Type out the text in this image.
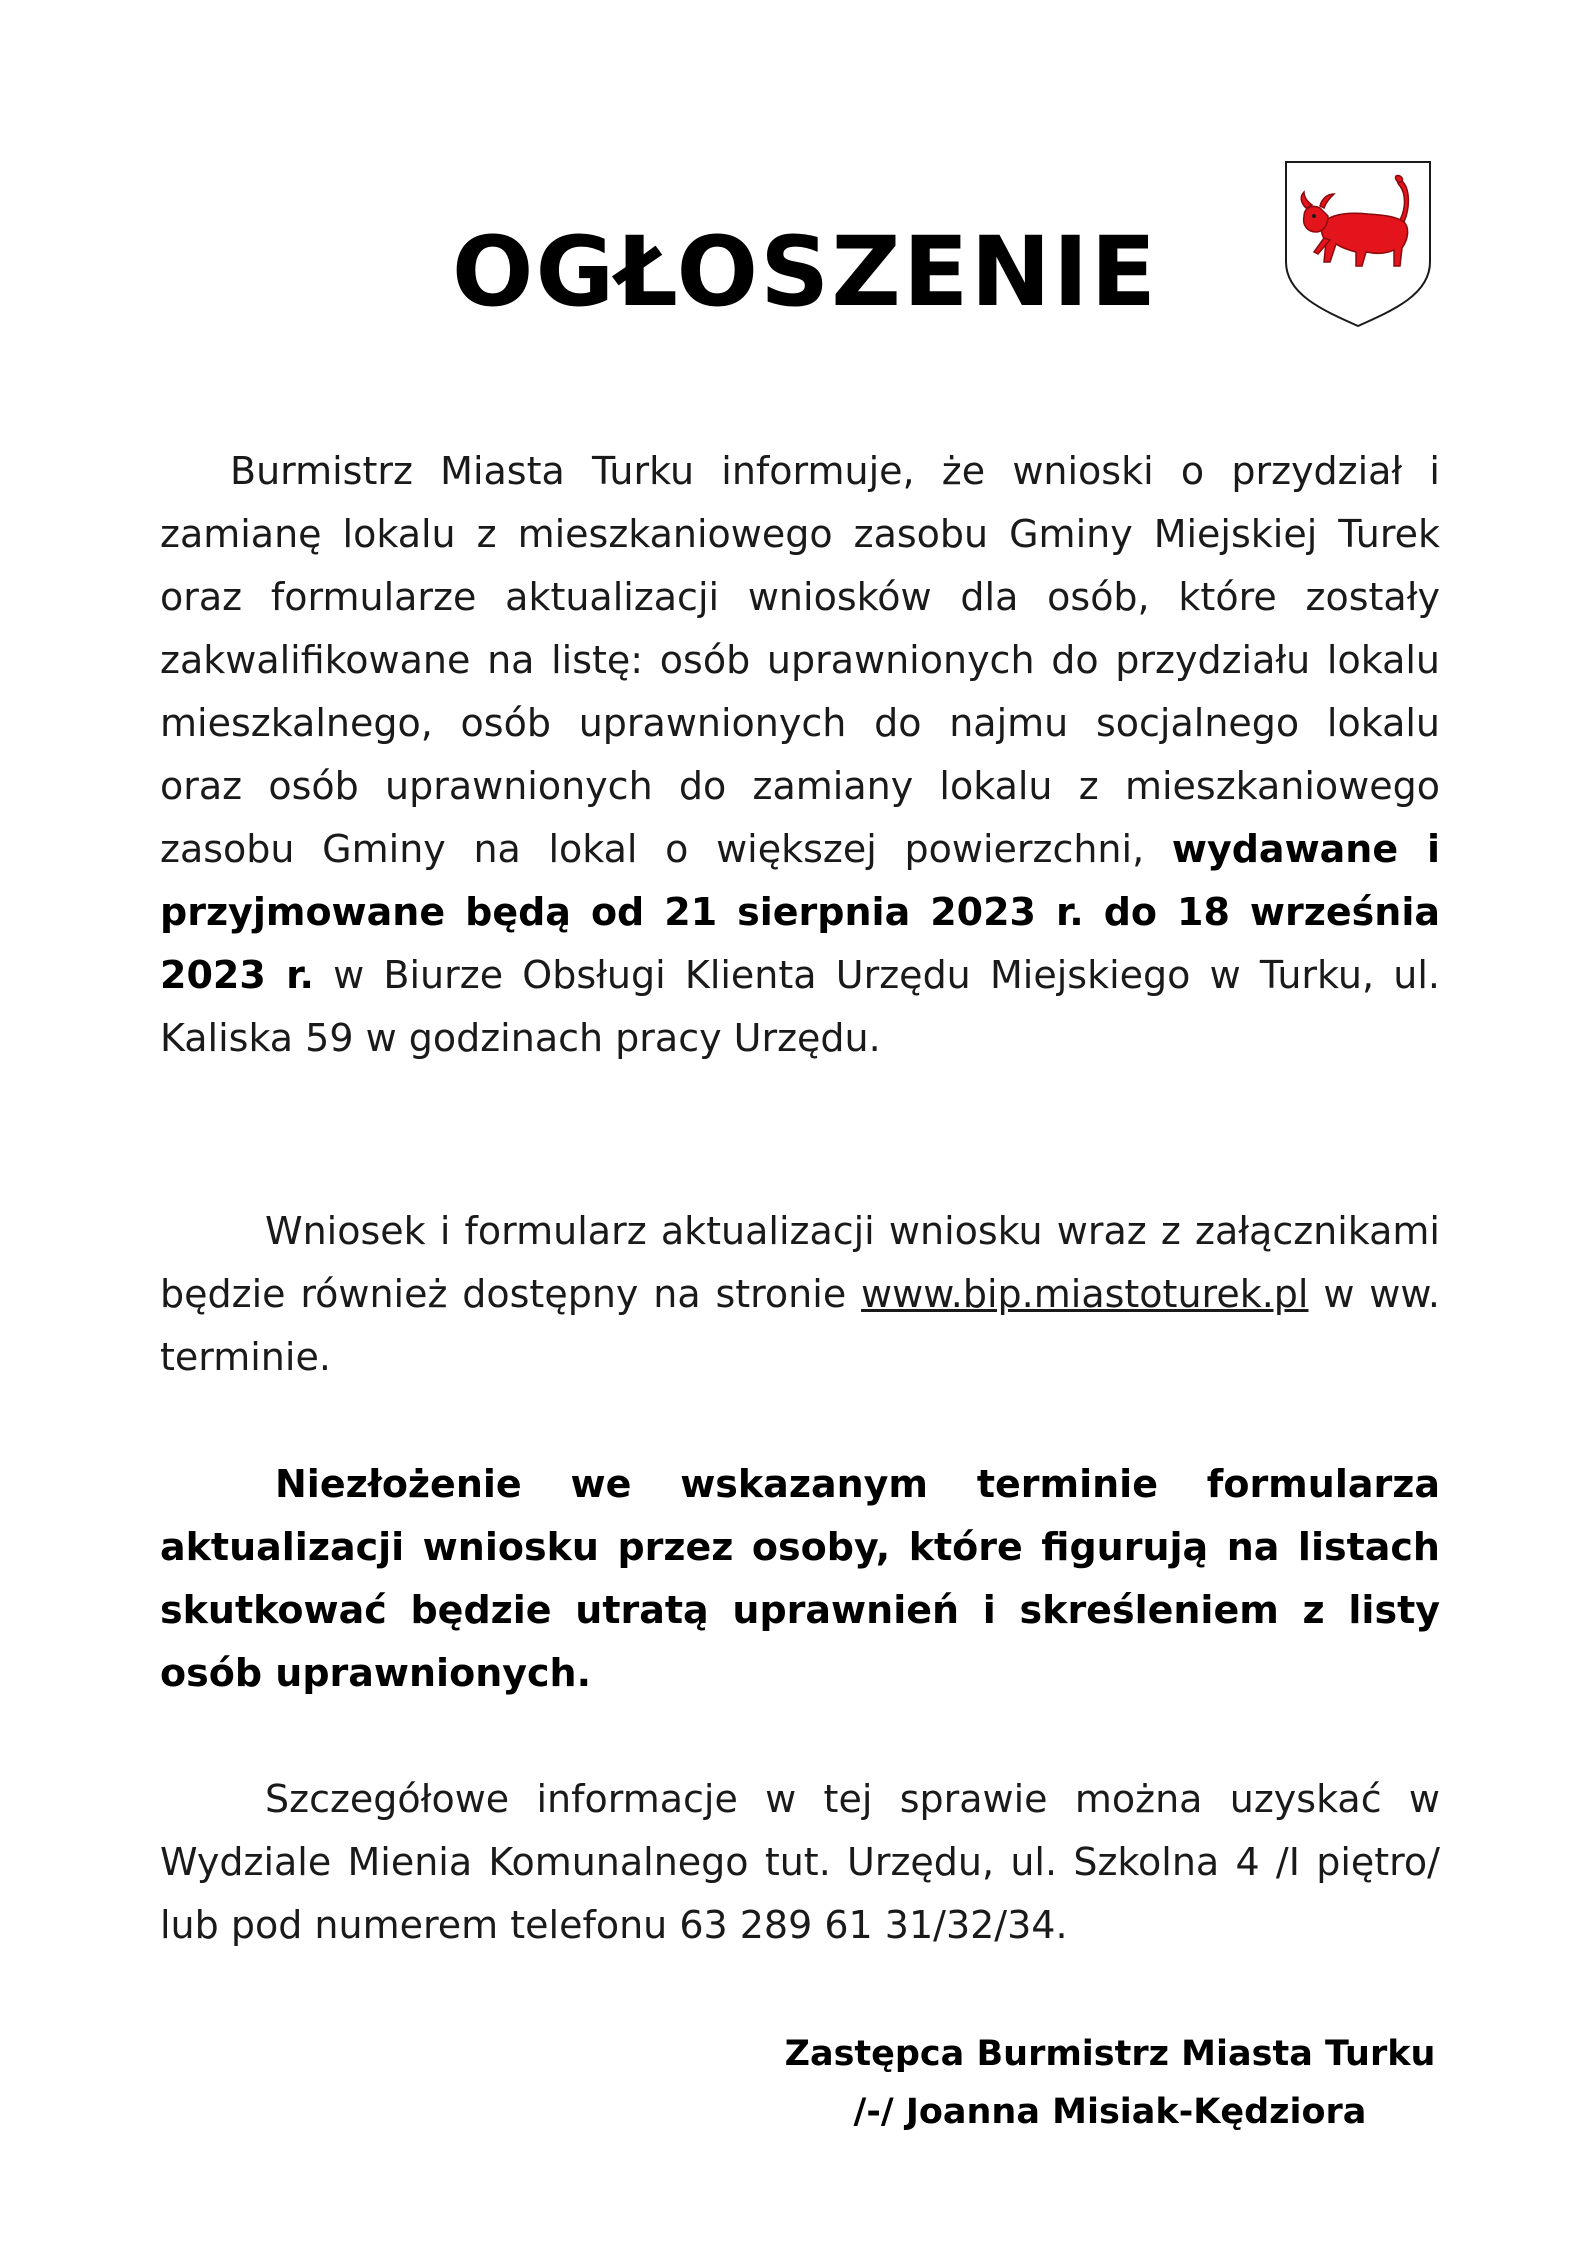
OGŁOSZENIE

Burmistrz Miasta Turku informuje, że wnioski o przydział i zamianę lokalu z mieszkaniowego zasobu Gminy Miejskiej Turek oraz formularze aktualizacji wniosków dla osób, które zostały zakwalifikowane na listę: osób uprawnionych do przydziału lokalu mieszkalnego, osób uprawnionych do najmu socjalnego lokalu oraz osób uprawnionych do zamiany lokalu z mieszkaniowego zasobu Gminy na lokal o większej powierzchni, wydawane i przyjmowane będą od 21 sierpnia 2023 r. do 18 września 2023 r. w Biurze Obsługi Klienta Urzędu Miejskiego w Turku, ul. Kaliska 59 w godzinach pracy Urzędu.

Wniosek i formularz aktualizacji wniosku wraz z załącznikami będzie również dostępny na stronie www.bip.miastoturek.pl w ww. terminie.

Niezłożenie we wskazanym terminie formularza aktualizacji wniosku przez osoby, które figurują na listach skutkować będzie utratą uprawnień i skreśleniem z listy osób uprawnionych.

Szczegółowe informacje w tej sprawie można uzyskać w Wydziale Mienia Komunalnego tut. Urzędu, ul. Szkolna 4 /I piętro/ lub pod numerem telefonu 63 289 61 31/32/34.

Zastępca Burmistrz Miasta Turku
/-/ Joanna Misiak-Kędziora
